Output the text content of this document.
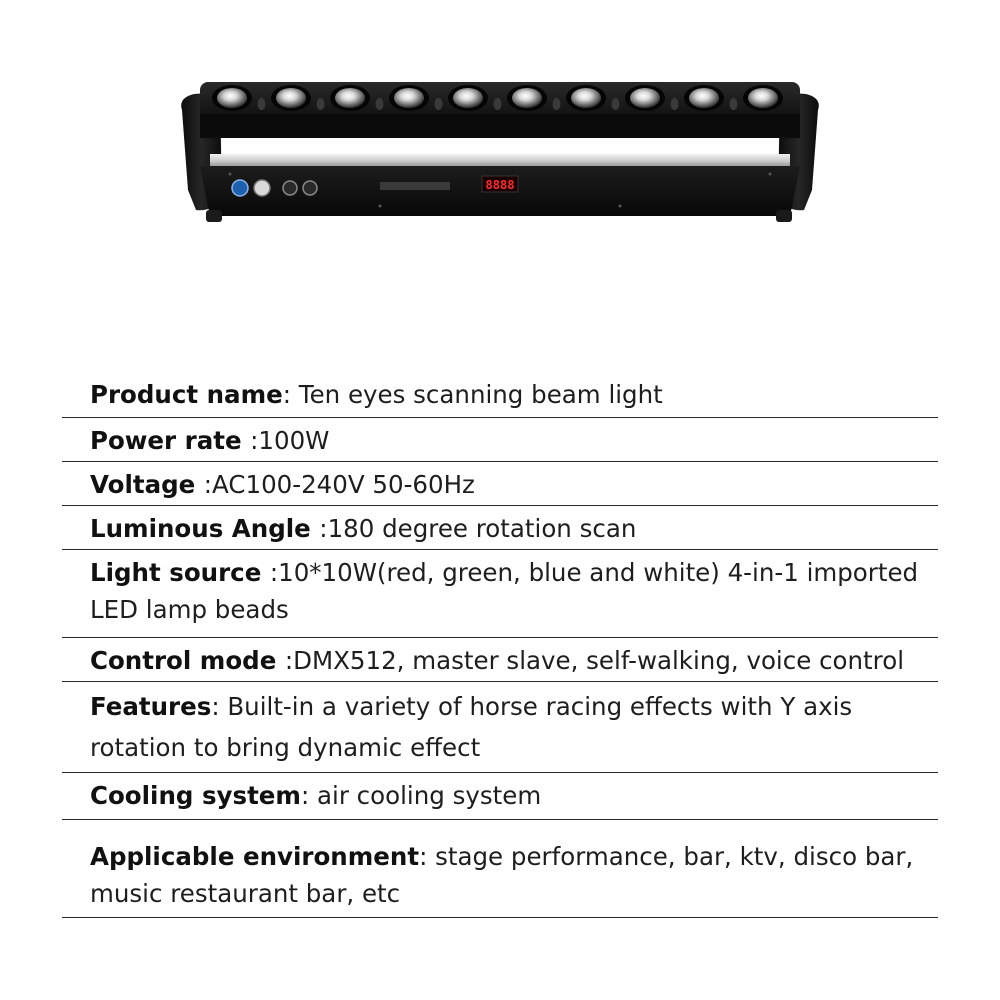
8888
Product name: Ten eyes scanning beam light
Power rate :100W
Voltage :AC100-240V 50-60Hz
Luminous Angle :180 degree rotation scan
Light source :10*10W(red, green, blue and white) 4-in-1 imported LED lamp beads
Control mode :DMX512, master slave, self-walking, voice control
Features: Built-in a variety of horse racing effects with Y axis rotation to bring dynamic effect
Cooling system: air cooling system
Applicable environment: stage performance, bar, ktv, disco bar, music restaurant bar, etc
